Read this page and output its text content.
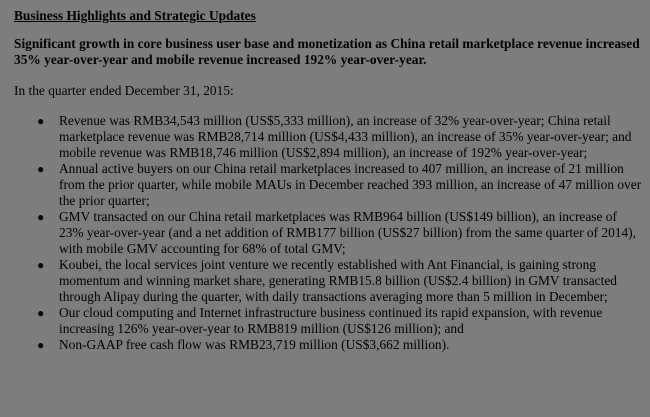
Business Highlights and Strategic Updates

Significant growth in core business user base and monetization as China retail marketplace revenue increased 35% year-over-year and mobile revenue increased 192% year-over-year.

In the quarter ended December 31, 2015:

● Revenue was RMB34,543 million (US$5,333 million), an increase of 32% year-over-year; China retail marketplace revenue was RMB28,714 million (US$4,433 million), an increase of 35% year-over-year; and mobile revenue was RMB18,746 million (US$2,894 million), an increase of 192% year-over-year;
● Annual active buyers on our China retail marketplaces increased to 407 million, an increase of 21 million from the prior quarter, while mobile MAUs in December reached 393 million, an increase of 47 million over the prior quarter;
● GMV transacted on our China retail marketplaces was RMB964 billion (US$149 billion), an increase of 23% year-over-year (and a net addition of RMB177 billion (US$27 billion) from the same quarter of 2014), with mobile GMV accounting for 68% of total GMV;
● Koubei, the local services joint venture we recently established with Ant Financial, is gaining strong momentum and winning market share, generating RMB15.8 billion (US$2.4 billion) in GMV transacted through Alipay during the quarter, with daily transactions averaging more than 5 million in December;
● Our cloud computing and Internet infrastructure business continued its rapid expansion, with revenue increasing 126% year-over-year to RMB819 million (US$126 million); and
● Non-GAAP free cash flow was RMB23,719 million (US$3,662 million).
